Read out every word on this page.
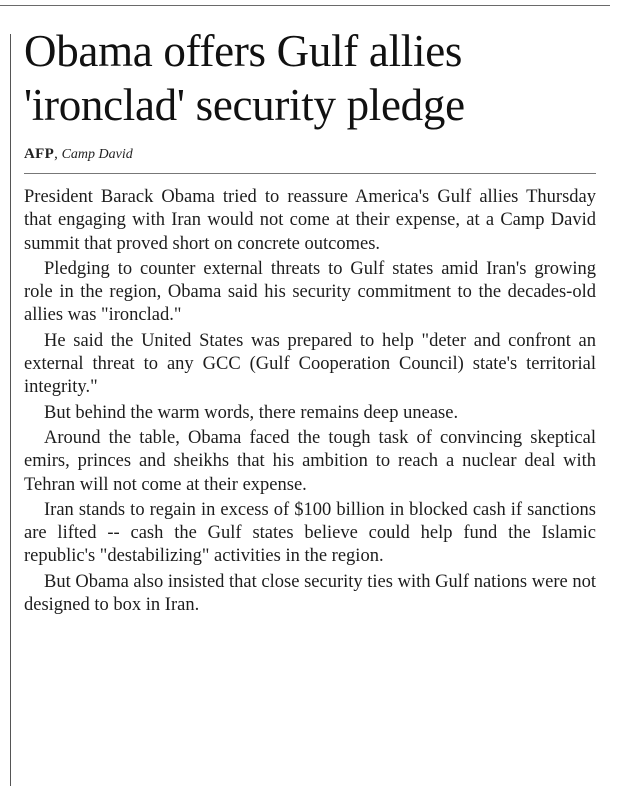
Obama offers Gulf allies 'ironclad' security pledge
AFP, Camp David

President Barack Obama tried to reassure America's Gulf allies Thursday that engaging with Iran would not come at their expense, at a Camp David summit that proved short on concrete outcomes.

Pledging to counter external threats to Gulf states amid Iran's growing role in the region, Obama said his security commitment to the decades-old allies was "ironclad."

He said the United States was prepared to help "deter and confront an external threat to any GCC (Gulf Cooperation Council) state's territorial integrity."

But behind the warm words, there remains deep unease.

Around the table, Obama faced the tough task of convincing skeptical emirs, princes and sheikhs that his ambition to reach a nuclear deal with Tehran will not come at their expense.

Iran stands to regain in excess of $100 billion in blocked cash if sanctions are lifted -- cash the Gulf states believe could help fund the Islamic republic's "destabilizing" activities in the region.

But Obama also insisted that close security ties with Gulf nations were not designed to box in Iran.
